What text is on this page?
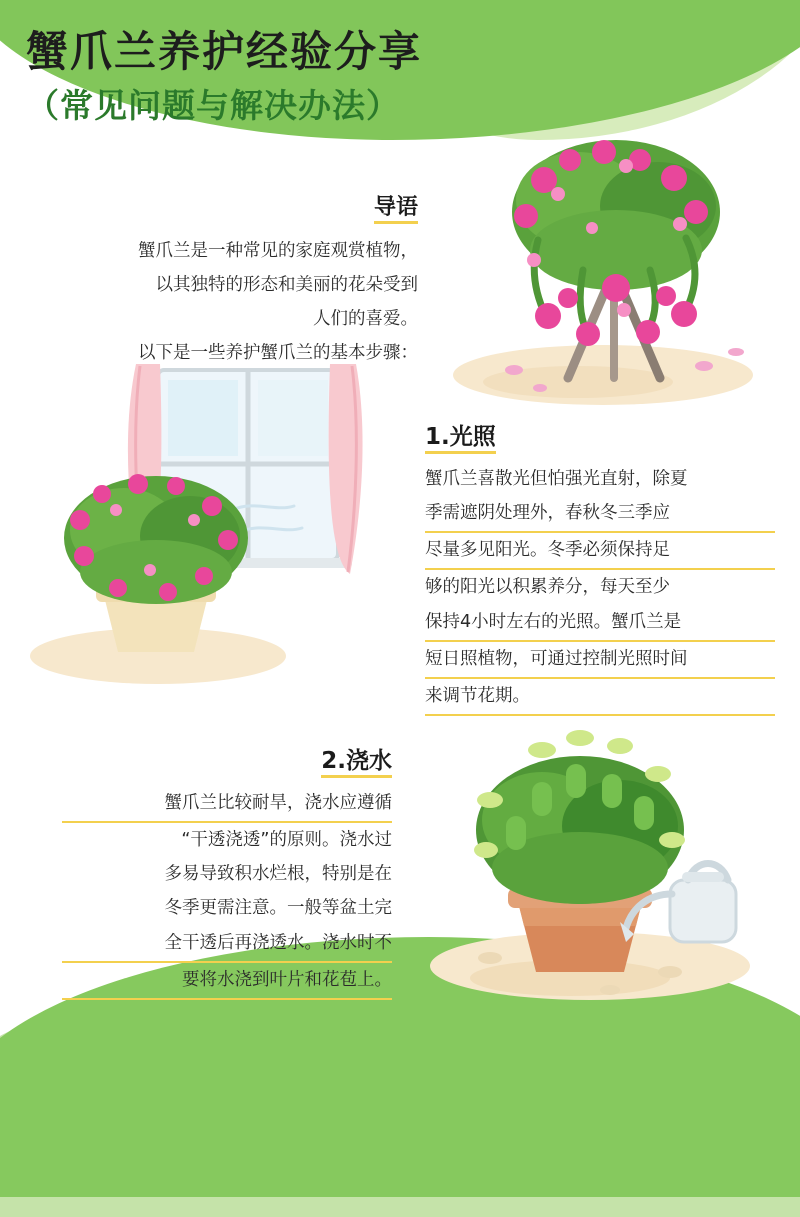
蟹爪兰养护经验分享
（常见问题与解决办法）
导语

蟹爪兰是一种常见的家庭观赏植物，

以其独特的形态和美丽的花朵受到

人们的喜爱。

以下是一些养护蟹爪兰的基本步骤：

1.光照

蟹爪兰喜散光但怕强光直射，除夏

季需遮阴处理外，春秋冬三季应

尽量多见阳光。冬季必须保持足

够的阳光以积累养分，每天至少

保持4小时左右的光照。蟹爪兰是

短日照植物，可通过控制光照时间

来调节花期。

2.浇水

蟹爪兰比较耐旱，浇水应遵循

“干透浇透”的原则。浇水过

多易导致积水烂根，特别是在

冬季更需注意。一般等盆土完

全干透后再浇透水。浇水时不

要将水浇到叶片和花苞上。
